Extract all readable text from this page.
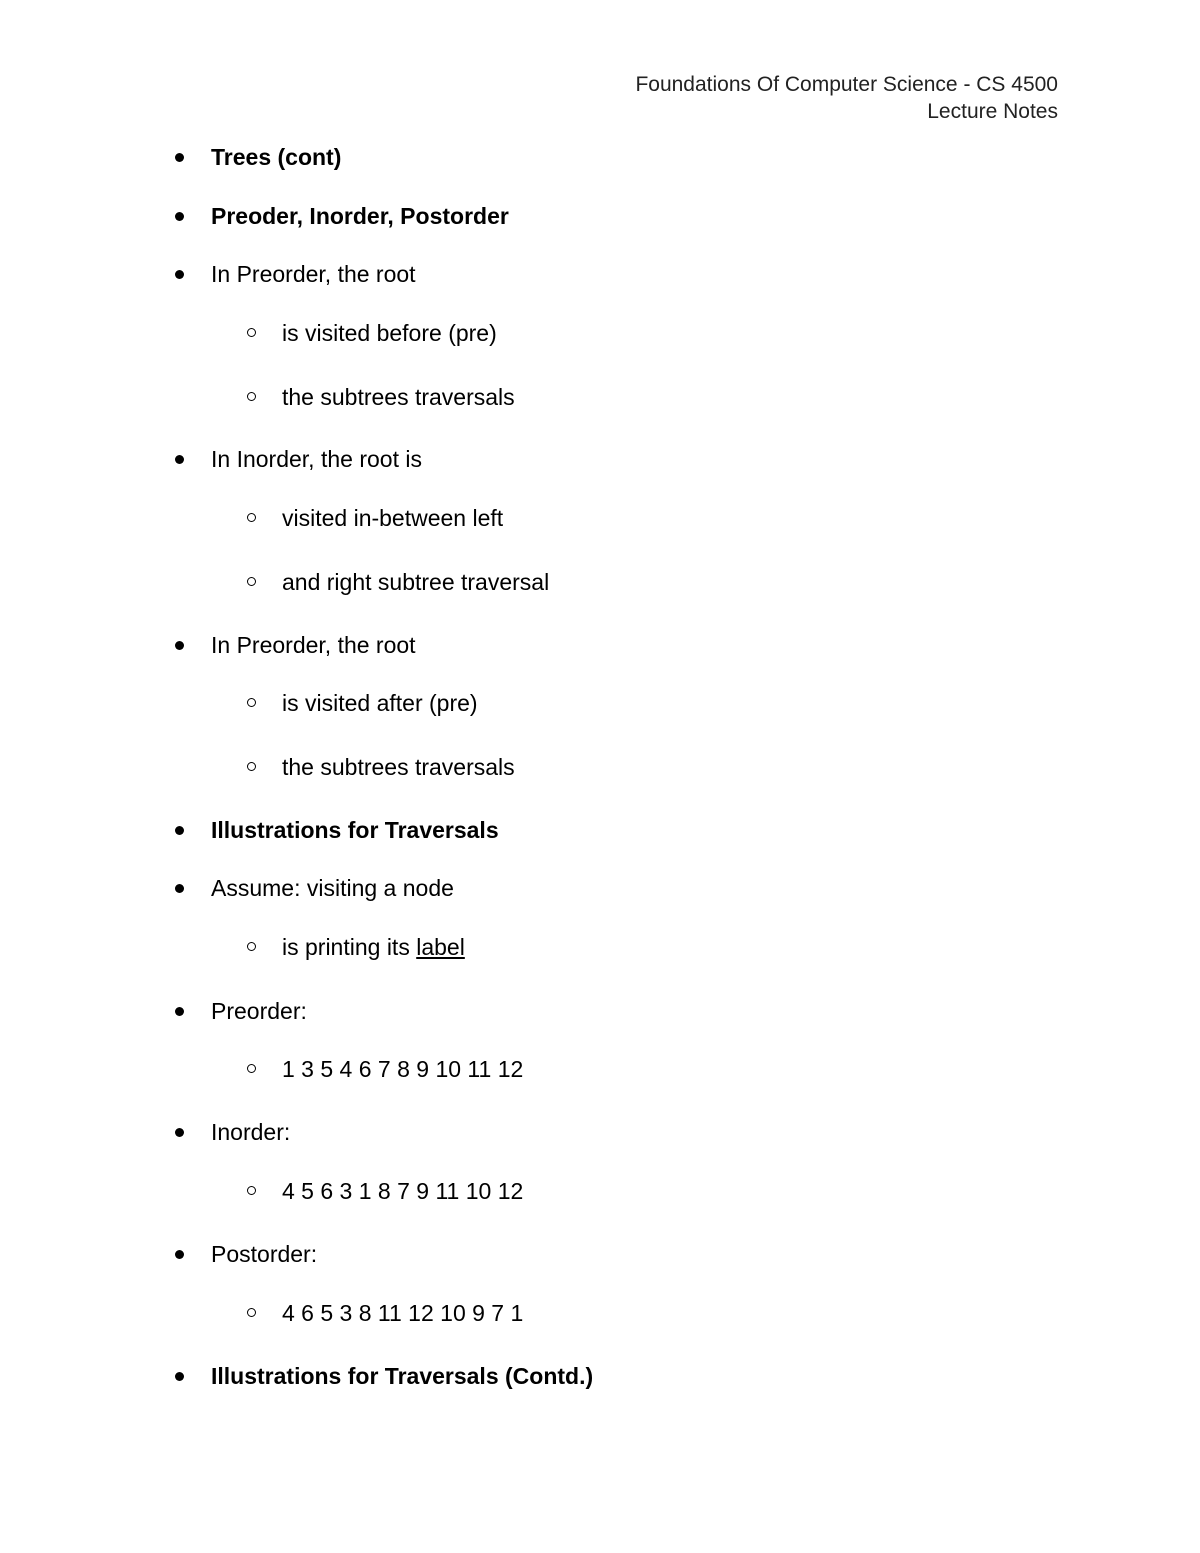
Foundations Of Computer Science - CS 4500
Lecture Notes
Trees (cont)
Preoder, Inorder, Postorder
In Preorder, the root
is visited before (pre)
the subtrees traversals
In Inorder, the root is
visited in-between left
and right subtree traversal
In Preorder, the root
is visited after (pre)
the subtrees traversals
Illustrations for Traversals
Assume: visiting a node
is printing its label
Preorder:
1 3 5 4 6 7 8 9 10 11 12
Inorder:
4 5 6 3 1 8 7 9 11 10 12
Postorder:
4 6 5 3 8 11 12 10 9 7 1
Illustrations for Traversals (Contd.)
